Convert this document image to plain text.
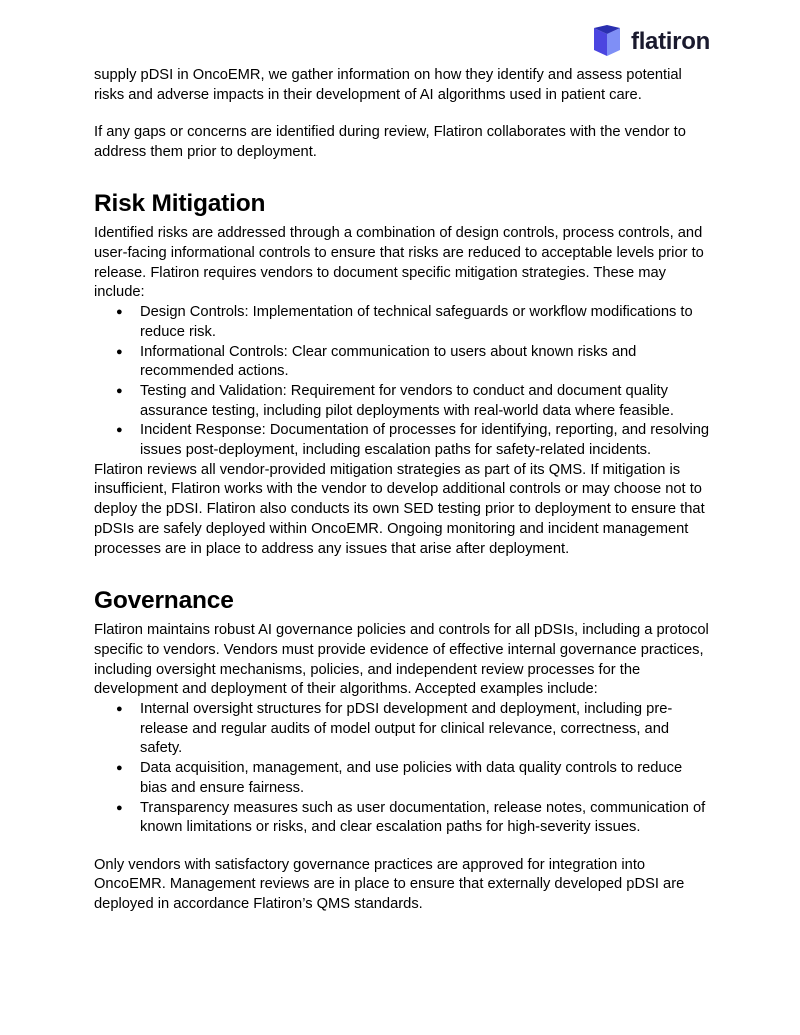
flatiron

supply pDSI in OncoEMR, we gather information on how they identify and assess potential risks and adverse impacts in their development of AI algorithms used in patient care.

If any gaps or concerns are identified during review, Flatiron collaborates with the vendor to address them prior to deployment.

Risk Mitigation

Identified risks are addressed through a combination of design controls, process controls, and user-facing informational controls to ensure that risks are reduced to acceptable levels prior to release. Flatiron requires vendors to document specific mitigation strategies. These may include:

● Design Controls: Implementation of technical safeguards or workflow modifications to reduce risk.
● Informational Controls: Clear communication to users about known risks and recommended actions.
● Testing and Validation: Requirement for vendors to conduct and document quality assurance testing, including pilot deployments with real-world data where feasible.
● Incident Response: Documentation of processes for identifying, reporting, and resolving issues post-deployment, including escalation paths for safety-related incidents.

Flatiron reviews all vendor-provided mitigation strategies as part of its QMS. If mitigation is insufficient, Flatiron works with the vendor to develop additional controls or may choose not to deploy the pDSI. Flatiron also conducts its own SED testing prior to deployment to ensure that pDSIs are safely deployed within OncoEMR. Ongoing monitoring and incident management processes are in place to address any issues that arise after deployment.

Governance

Flatiron maintains robust AI governance policies and controls for all pDSIs, including a protocol specific to vendors. Vendors must provide evidence of effective internal governance practices, including oversight mechanisms, policies, and independent review processes for the development and deployment of their algorithms. Accepted examples include:

● Internal oversight structures for pDSI development and deployment, including pre-release and regular audits of model output for clinical relevance, correctness, and safety.
● Data acquisition, management, and use policies with data quality controls to reduce bias and ensure fairness.
● Transparency measures such as user documentation, release notes, communication of known limitations or risks, and clear escalation paths for high-severity issues.

Only vendors with satisfactory governance practices are approved for integration into OncoEMR. Management reviews are in place to ensure that externally developed pDSI are deployed in accordance Flatiron’s QMS standards.
